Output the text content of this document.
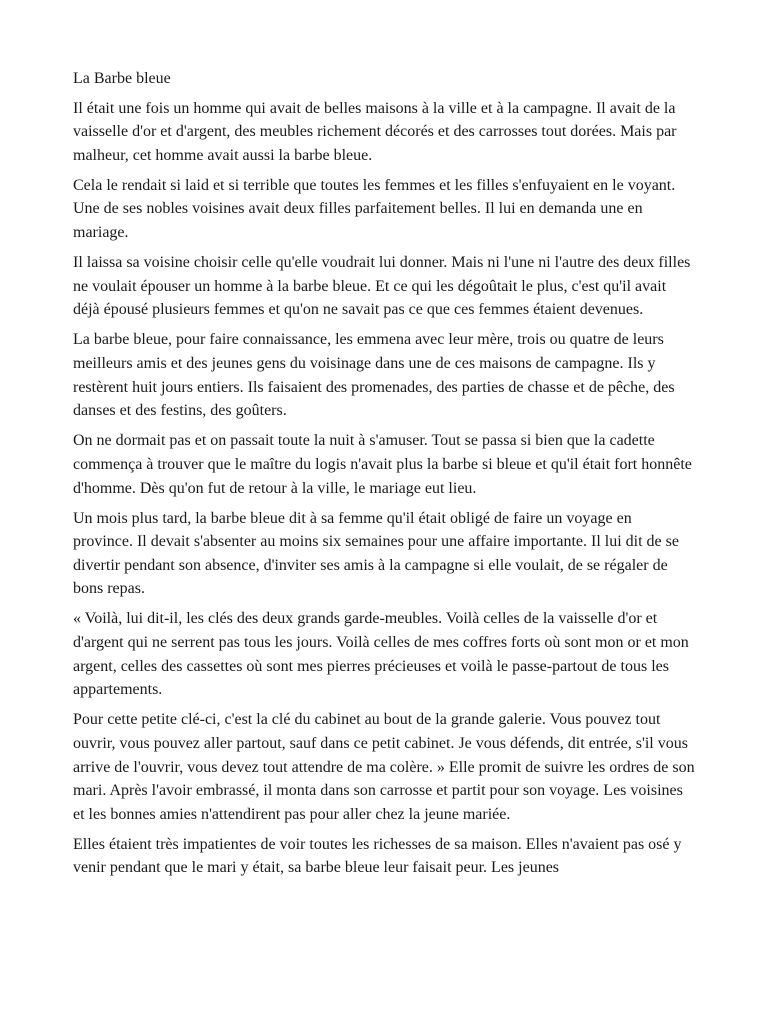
La Barbe bleue

Il était une fois un homme qui avait de belles maisons à la ville et à la campagne. Il avait de la vaisselle d'or et d'argent, des meubles richement décorés et des carrosses tout dorées. Mais par malheur, cet homme avait aussi la barbe bleue.

Cela le rendait si laid et si terrible que toutes les femmes et les filles s'enfuyaient en le voyant. Une de ses nobles voisines avait deux filles parfaitement belles. Il lui en demanda une en mariage.

Il laissa sa voisine choisir celle qu'elle voudrait lui donner. Mais ni l'une ni l'autre des deux filles ne voulait épouser un homme à la barbe bleue. Et ce qui les dégoûtait le plus, c'est qu'il avait déjà épousé plusieurs femmes et qu'on ne savait pas ce que ces femmes étaient devenues.

La barbe bleue, pour faire connaissance, les emmena avec leur mère, trois ou quatre de leurs meilleurs amis et des jeunes gens du voisinage dans une de ces maisons de campagne. Ils y restèrent huit jours entiers. Ils faisaient des promenades, des parties de chasse et de pêche, des danses et des festins, des goûters.

On ne dormait pas et on passait toute la nuit à s'amuser. Tout se passa si bien que la cadette commença à trouver que le maître du logis n'avait plus la barbe si bleue et qu'il était fort honnête d'homme. Dès qu'on fut de retour à la ville, le mariage eut lieu.

Un mois plus tard, la barbe bleue dit à sa femme qu'il était obligé de faire un voyage en province. Il devait s'absenter au moins six semaines pour une affaire importante. Il lui dit de se divertir pendant son absence, d'inviter ses amis à la campagne si elle voulait, de se régaler de bons repas.

« Voilà, lui dit-il, les clés des deux grands garde-meubles. Voilà celles de la vaisselle d'or et d'argent qui ne serrent pas tous les jours. Voilà celles de mes coffres forts où sont mon or et mon argent, celles des cassettes où sont mes pierres précieuses et voilà le passe-partout de tous les appartements.

Pour cette petite clé-ci, c'est la clé du cabinet au bout de la grande galerie. Vous pouvez tout ouvrir, vous pouvez aller partout, sauf dans ce petit cabinet. Je vous défends, dit entrée, s'il vous arrive de l'ouvrir, vous devez tout attendre de ma colère. » Elle promit de suivre les ordres de son mari. Après l'avoir embrassé, il monta dans son carrosse et partit pour son voyage. Les voisines et les bonnes amies n'attendirent pas pour aller chez la jeune mariée.

Elles étaient très impatientes de voir toutes les richesses de sa maison. Elles n'avaient pas osé y venir pendant que le mari y était, sa barbe bleue leur faisait peur. Les jeunes
